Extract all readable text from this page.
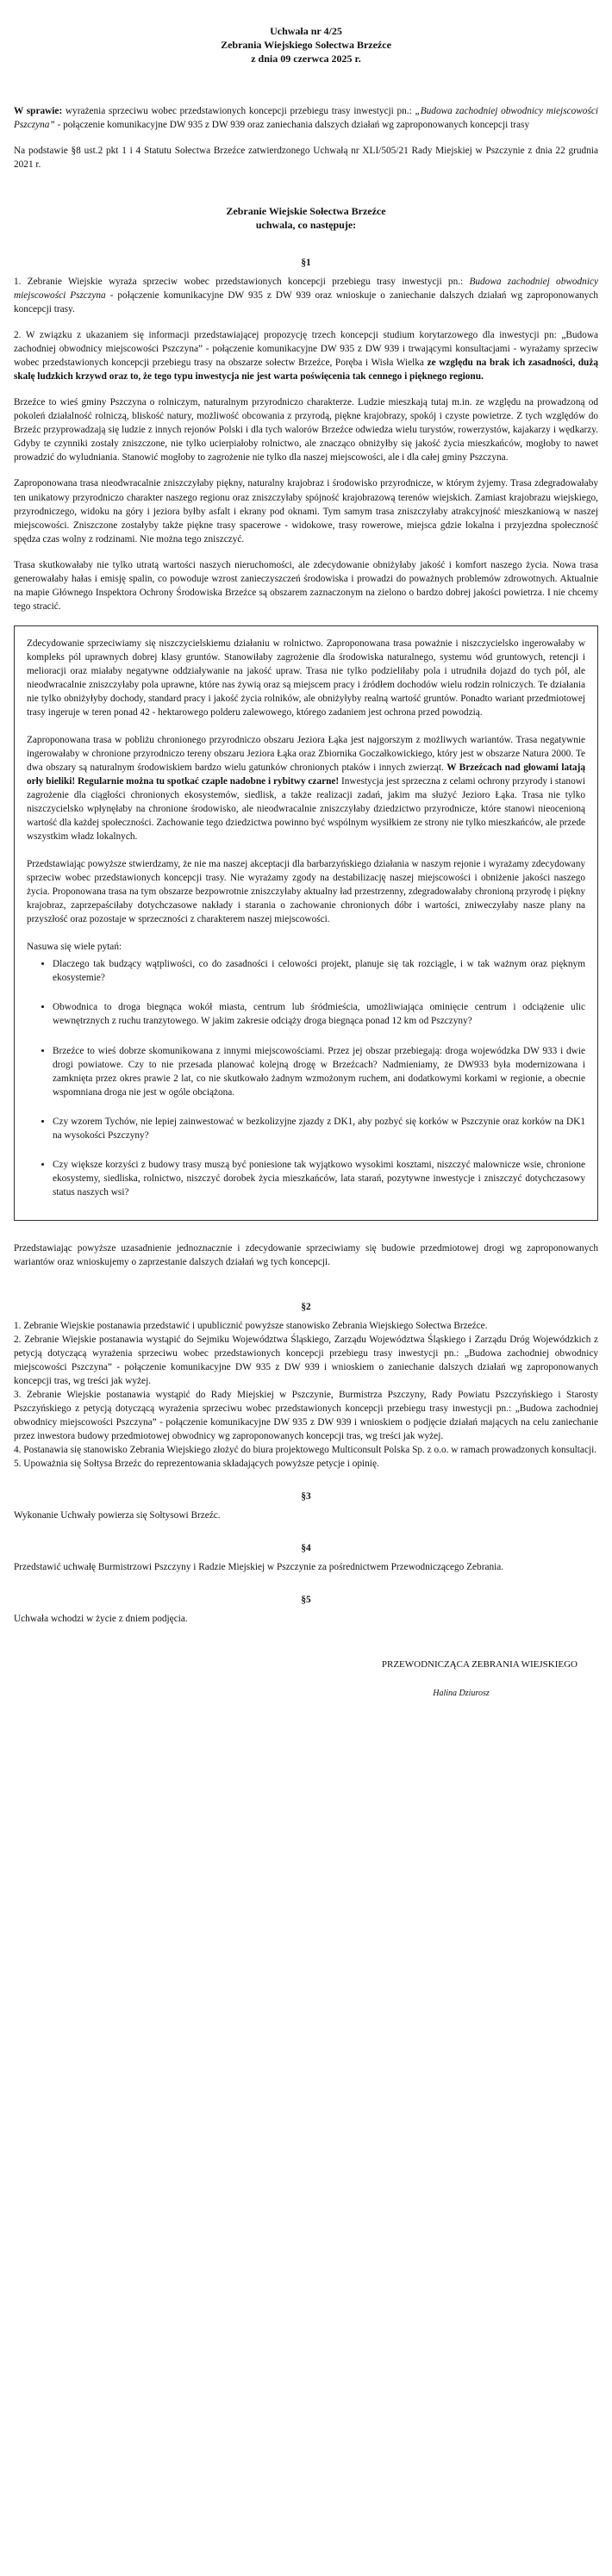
Uchwała nr 4/25
Zebrania Wiejskiego Sołectwa Brzeźce
z dnia 09 czerwca 2025 r.

W sprawie: wyrażenia sprzeciwu wobec przedstawionych koncepcji przebiegu trasy inwestycji pn.: „Budowa zachodniej obwodnicy miejscowości Pszczyna” - połączenie komunikacyjne DW 935 z DW 939 oraz zaniechania dalszych działań wg zaproponowanych koncepcji trasy

Na podstawie §8 ust.2 pkt 1 i 4 Statutu Sołectwa Brzeźce zatwierdzonego Uchwałą nr XLI/505/21 Rady Miejskiej w Pszczynie z dnia 22 grudnia 2021 r.

Zebranie Wiejskie Sołectwa Brzeźce
uchwala, co następuje:
§1

1. Zebranie Wiejskie wyraża sprzeciw wobec przedstawionych koncepcji przebiegu trasy inwestycji pn.: Budowa zachodniej obwodnicy miejscowości Pszczyna - połączenie komunikacyjne DW 935 z DW 939 oraz wnioskuje o zaniechanie dalszych działań wg zaproponowanych koncepcji trasy.

2. W związku z ukazaniem się informacji przedstawiającej propozycję trzech koncepcji studium korytarzowego dla inwestycji pn: „Budowa zachodniej obwodnicy miejscowości Pszczyna” - połączenie komunikacyjne DW 935 z DW 939 i trwającymi konsultacjami - wyrażamy sprzeciw wobec przedstawionych koncepcji przebiegu trasy na obszarze sołectw Brzeźce, Poręba i Wisła Wielka ze względu na brak ich zasadności, dużą skalę ludzkich krzywd oraz to, że tego typu inwestycja nie jest warta poświęcenia tak cennego i pięknego regionu.

Brzeźce to wieś gminy Pszczyna o rolniczym, naturalnym przyrodniczo charakterze. Ludzie mieszkają tutaj m.in. ze względu na prowadzoną od pokoleń działalność rolniczą, bliskość natury, możliwość obcowania z przyrodą, piękne krajobrazy, spokój i czyste powietrze. Z tych względów do Brzeźc przyprowadzają się ludzie z innych rejonów Polski i dla tych walorów Brzeźce odwiedza wielu turystów, rowerzystów, kajakarzy i wędkarzy. Gdyby te czynniki zostały zniszczone, nie tylko ucierpiałoby rolnictwo, ale znacząco obniżyłby się jakość życia mieszkańców, mogłoby to nawet prowadzić do wyludniania. Stanowić mogłoby to zagrożenie nie tylko dla naszej miejscowości, ale i dla całej gminy Pszczyna.

Zaproponowana trasa nieodwracalnie zniszczyłaby piękny, naturalny krajobraz i środowisko przyrodnicze, w którym żyjemy. Trasa zdegradowałaby ten unikatowy przyrodniczo charakter naszego regionu oraz zniszczyłaby spójność krajobrazową terenów wiejskich. Zamiast krajobrazu wiejskiego, przyrodniczego, widoku na góry i jeziora byłby asfalt i ekrany pod oknami. Tym samym trasa zniszczyłaby atrakcyjność mieszkaniową w naszej miejscowości. Zniszczone zostałyby także piękne trasy spacerowe - widokowe, trasy rowerowe, miejsca gdzie lokalna i przyjezdna społeczność spędza czas wolny z rodzinami. Nie można tego zniszczyć.

Trasa skutkowałaby nie tylko utratą wartości naszych nieruchomości, ale zdecydowanie obniżyłaby jakość i komfort naszego życia. Nowa trasa generowałaby hałas i emisję spalin, co powoduje wzrost zanieczyszczeń środowiska i prowadzi do poważnych problemów zdrowotnych. Aktualnie na mapie Głównego Inspektora Ochrony Środowiska Brzeźce są obszarem zaznaczonym na zielono o bardzo dobrej jakości powietrza. I nie chcemy tego stracić.

Zdecydowanie sprzeciwiamy się niszczycielskiemu działaniu w rolnictwo. Zaproponowana trasa poważnie i niszczycielsko ingerowałaby w kompleks pól uprawnych dobrej klasy gruntów. Stanowiłaby zagrożenie dla środowiska naturalnego, systemu wód gruntowych, retencji i melioracji oraz miałaby negatywne oddziaływanie na jakość upraw. Trasa nie tylko podzieliłaby pola i utrudniła dojazd do tych pól, ale nieodwracalnie zniszczyłaby pola uprawne, które nas żywią oraz są miejscem pracy i źródłem dochodów wielu rodzin rolniczych. Te działania nie tylko obniżyłyby dochody, standard pracy i jakość życia rolników, ale obniżyłyby realną wartość gruntów. Ponadto wariant przedmiotowej trasy ingeruje w teren ponad 42 - hektarowego polderu zalewowego, którego zadaniem jest ochrona przed powodzią.

Zaproponowana trasa w pobliżu chronionego przyrodniczo obszaru Jeziora Łąka jest najgorszym z możliwych wariantów. Trasa negatywnie ingerowałaby w chronione przyrodniczo tereny obszaru Jeziora Łąka oraz Zbiornika Goczałkowickiego, który jest w obszarze Natura 2000. Te dwa obszary są naturalnym środowiskiem bardzo wielu gatunków chronionych ptaków i innych zwierząt. W Brzeźcach nad głowami latają orły bieliki! Regularnie można tu spotkać czaple nadobne i rybitwy czarne! Inwestycja jest sprzeczna z celami ochrony przyrody i stanowi zagrożenie dla ciągłości chronionych ekosystemów, siedlisk, a także realizacji zadań, jakim ma służyć Jezioro Łąka. Trasa nie tylko niszczycielsko wpłynęłaby na chronione środowisko, ale nieodwracalnie zniszczyłaby dziedzictwo przyrodnicze, które stanowi nieocenioną wartość dla każdej społeczności. Zachowanie tego dziedzictwa powinno być wspólnym wysiłkiem ze strony nie tylko mieszkańców, ale przede wszystkim władz lokalnych.

Przedstawiając powyższe stwierdzamy, że nie ma naszej akceptacji dla barbarzyńskiego działania w naszym rejonie i wyrażamy zdecydowany sprzeciw wobec przedstawionych koncepcji trasy. Nie wyrażamy zgody na destabilizację naszej miejscowości i obniżenie jakości naszego życia. Proponowana trasa na tym obszarze bezpowrotnie zniszczyłaby aktualny ład przestrzenny, zdegradowałaby chronioną przyrodę i piękny krajobraz, zaprzepaściłaby dotychczasowe nakłady i starania o zachowanie chronionych dóbr i wartości, zniweczyłaby nasze plany na przyszłość oraz pozostaje w sprzeczności z charakterem naszej miejscowości.

Nasuwa się wiele pytań:

• Dlaczego tak budzący wątpliwości, co do zasadności i celowości projekt, planuje się tak rozciągle, i w tak ważnym oraz pięknym ekosystemie?
• Obwodnica to droga biegnąca wokół miasta, centrum lub śródmieścia, umożliwiająca ominięcie centrum i odciążenie ulic wewnętrznych z ruchu tranzytowego. W jakim zakresie odciąży droga biegnąca ponad 12 km od Pszczyny?
• Brzeźce to wieś dobrze skomunikowana z innymi miejscowościami. Przez jej obszar przebiegają: droga wojewódzka DW 933 i dwie drogi powiatowe. Czy to nie przesada planować kolejną drogę w Brzeźcach? Nadmieniamy, że DW933 była modernizowana i zamknięta przez okres prawie 2 lat, co nie skutkowało żadnym wzmożonym ruchem, ani dodatkowymi korkami w regionie, a obecnie wspomniana droga nie jest w ogóle obciążona.
• Czy wzorem Tychów, nie lepiej zainwestować w bezkolizyjne zjazdy z DK1, aby pozbyć się korków w Pszczynie oraz korków na DK1 na wysokości Pszczyny?
• Czy większe korzyści z budowy trasy muszą być poniesione tak wyjątkowo wysokimi kosztami, niszczyć malownicze wsie, chronione ekosystemy, siedliska, rolnictwo, niszczyć dorobek życia mieszkańców, lata starań, pozytywne inwestycje i zniszczyć dotychczasowy status naszych wsi?

Przedstawiając powyższe uzasadnienie jednoznacznie i zdecydowanie sprzeciwiamy się budowie przedmiotowej drogi wg zaproponowanych wariantów oraz wnioskujemy o zaprzestanie dalszych działań wg tych koncepcji.

§2

1. Zebranie Wiejskie postanawia przedstawić i upublicznić powyższe stanowisko Zebrania Wiejskiego Sołectwa Brzeźce.

2. Zebranie Wiejskie postanawia wystąpić do Sejmiku Województwa Śląskiego, Zarządu Województwa Śląskiego i Zarządu Dróg Wojewódzkich z petycją dotyczącą wyrażenia sprzeciwu wobec przedstawionych koncepcji przebiegu trasy inwestycji pn.: „Budowa zachodniej obwodnicy miejscowości Pszczyna” - połączenie komunikacyjne DW 935 z DW 939 i wnioskiem o zaniechanie dalszych działań wg zaproponowanych koncepcji tras, wg treści jak wyżej.

3. Zebranie Wiejskie postanawia wystąpić do Rady Miejskiej w Pszczynie, Burmistrza Pszczyny, Rady Powiatu Pszczyńskiego i Starosty Pszczyńskiego z petycją dotyczącą wyrażenia sprzeciwu wobec przedstawionych koncepcji przebiegu trasy inwestycji pn.: „Budowa zachodniej obwodnicy miejscowości Pszczyna” - połączenie komunikacyjne DW 935 z DW 939 i wnioskiem o podjęcie działań mających na celu zaniechanie przez inwestora budowy przedmiotowej obwodnicy wg zaproponowanych koncepcji tras, wg treści jak wyżej.

4. Postanawia się stanowisko Zebrania Wiejskiego złożyć do biura projektowego Multiconsult Polska Sp. z o.o. w ramach prowadzonych konsultacji.

5. Upoważnia się Sołtysa Brzeźc do reprezentowania składających powyższe petycje i opinię.

§3

Wykonanie Uchwały powierza się Sołtysowi Brzeźc.

§4

Przedstawić uchwałę Burmistrzowi Pszczyny i Radzie Miejskiej w Pszczynie za pośrednictwem Przewodniczącego Zebrania.

§5

Uchwała wchodzi w życie z dniem podjęcia.

PRZEWODNICZĄCA ZEBRANIA WIEJSKIEGO
Halina Dziurosz
